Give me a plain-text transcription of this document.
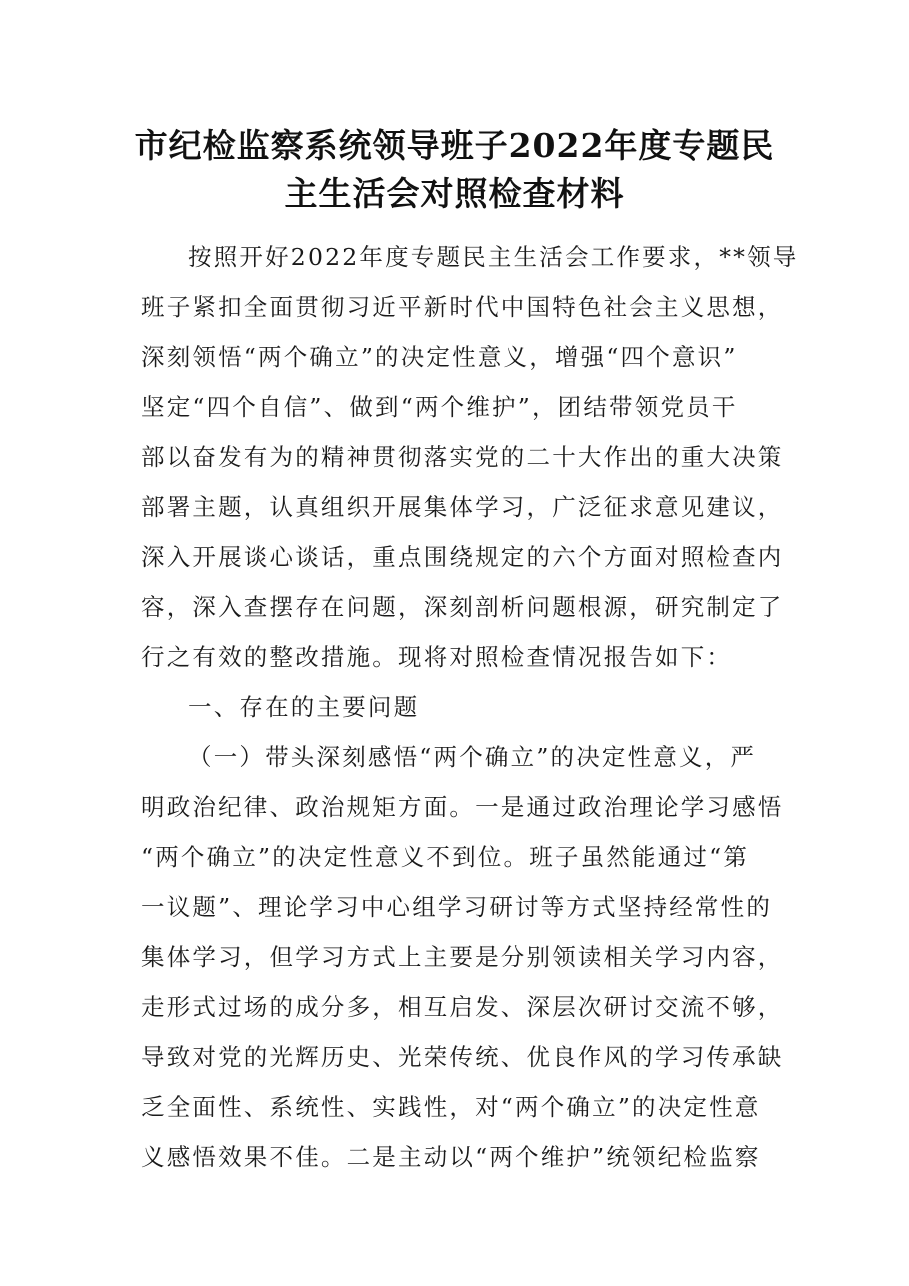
市纪检监察系统领导班子2022年度专题民
主生活会对照检查材料
按照开好2022年度专题民主生活会工作要求，**领导
班子紧扣全面贯彻习近平新时代中国特色社会主义思想，
深刻领悟“两个确立”的决定性意义，增强“四个意识”
坚定“四个自信”、做到“两个维护”，团结带领党员干
部以奋发有为的精神贯彻落实党的二十大作出的重大决策
部署主题，认真组织开展集体学习，广泛征求意见建议，
深入开展谈心谈话，重点围绕规定的六个方面对照检查内
容，深入查摆存在问题，深刻剖析问题根源，研究制定了
行之有效的整改措施。现将对照检查情况报告如下：
一、存在的主要问题
（一）带头深刻感悟“两个确立”的决定性意义，严
明政治纪律、政治规矩方面。一是通过政治理论学习感悟
“两个确立”的决定性意义不到位。班子虽然能通过“第
一议题”、理论学习中心组学习研讨等方式坚持经常性的
集体学习，但学习方式上主要是分别领读相关学习内容，
走形式过场的成分多，相互启发、深层次研讨交流不够，
导致对党的光辉历史、光荣传统、优良作风的学习传承缺
乏全面性、系统性、实践性，对“两个确立”的决定性意
义感悟效果不佳。二是主动以“两个维护”统领纪检监察
